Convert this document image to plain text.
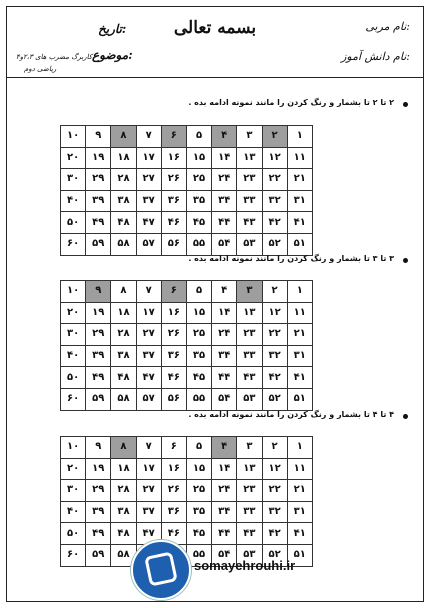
بسمه تعالی	نام مربی:
تاریخ:
نام دانش آموز:
موضوع:
کاربرگ مضرب های ۲،۳و۴
ریاضی دوم
۲ تا ۲ تا بشمار و رنگ کردن را مانند نمونه ادامه بده .
۱	۲	۳	۴	۵	۶	۷	۸	۹	۱۰
۱۱	۱۲	۱۳	۱۴	۱۵	۱۶	۱۷	۱۸	۱۹	۲۰
۲۱	۲۲	۲۳	۲۴	۲۵	۲۶	۲۷	۲۸	۲۹	۳۰
۳۱	۳۲	۳۳	۳۴	۳۵	۳۶	۳۷	۳۸	۳۹	۴۰
۴۱	۴۲	۴۳	۴۴	۴۵	۴۶	۴۷	۴۸	۴۹	۵۰
۵۱	۵۲	۵۳	۵۴	۵۵	۵۶	۵۷	۵۸	۵۹	۶۰
۳ تا ۳ تا بشمار و رنگ کردن را مانند نمونه ادامه بده .
۱	۲	۳	۴	۵	۶	۷	۸	۹	۱۰
۱۱	۱۲	۱۳	۱۴	۱۵	۱۶	۱۷	۱۸	۱۹	۲۰
۲۱	۲۲	۲۳	۲۴	۲۵	۲۶	۲۷	۲۸	۲۹	۳۰
۳۱	۳۲	۳۳	۳۴	۳۵	۳۶	۳۷	۳۸	۳۹	۴۰
۴۱	۴۲	۴۳	۴۴	۴۵	۴۶	۴۷	۴۸	۴۹	۵۰
۵۱	۵۲	۵۳	۵۴	۵۵	۵۶	۵۷	۵۸	۵۹	۶۰
۴ تا ۴ تا بشمار و رنگ کردن را مانند نمونه ادامه بده .
۱	۲	۳	۴	۵	۶	۷	۸	۹	۱۰
۱۱	۱۲	۱۳	۱۴	۱۵	۱۶	۱۷	۱۸	۱۹	۲۰
۲۱	۲۲	۲۳	۲۴	۲۵	۲۶	۲۷	۲۸	۲۹	۳۰
۳۱	۳۲	۳۳	۳۴	۳۵	۳۶	۳۷	۳۸	۳۹	۴۰
۴۱	۴۲	۴۳	۴۴	۴۵	۴۶	۴۷	۴۸	۴۹	۵۰
۵۱	۵۲	۵۳	۵۴	۵۵			۵۸	۵۹	۶۰
somayehrouhi.ir
